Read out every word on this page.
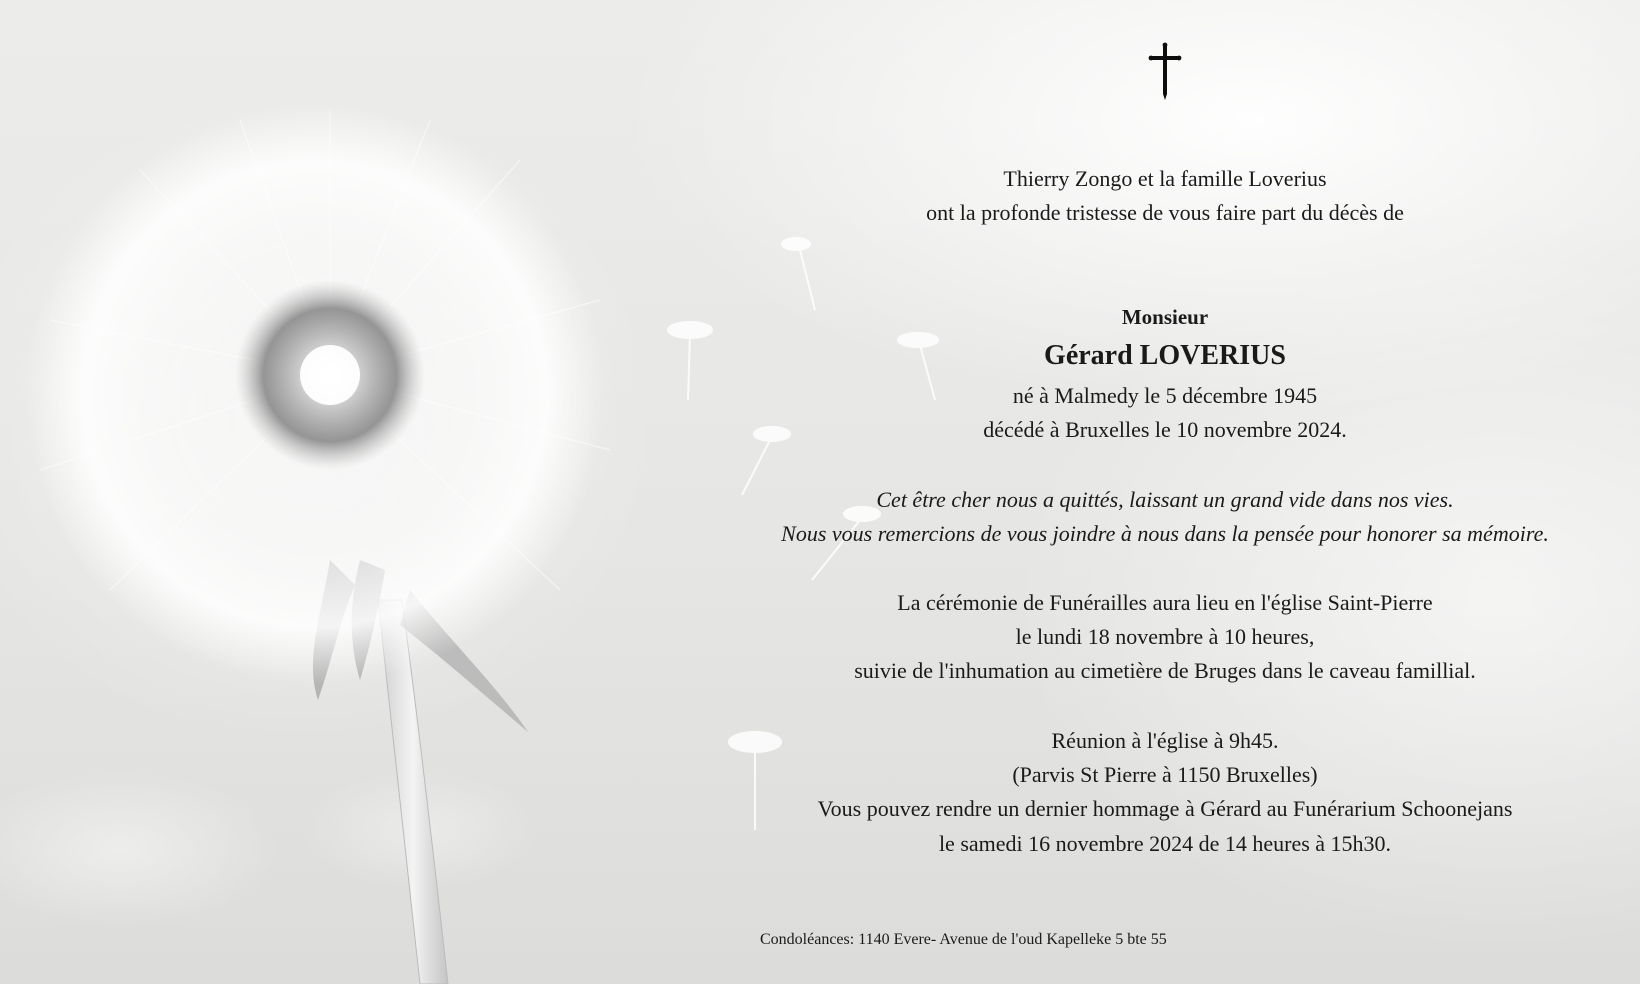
Thierry Zongo et la famille Loverius
ont la profonde tristesse de vous faire part du décès de
Monsieur
Gérard LOVERIUS
né à Malmedy le 5 décembre 1945
décédé à Bruxelles le 10 novembre 2024.
Cet être cher nous a quittés, laissant un grand vide dans nos vies.
Nous vous remercions de vous joindre à nous dans la pensée pour honorer sa mémoire.
La cérémonie de Funérailles aura lieu en l'église Saint-Pierre
le lundi 18 novembre à 10 heures,
suivie de l'inhumation au cimetière de Bruges dans le caveau famillial.
Réunion à l'église à 9h45.
(Parvis St Pierre à 1150 Bruxelles)
Vous pouvez rendre un dernier hommage à Gérard au Funérarium Schoonejans
le samedi 16 novembre 2024 de 14 heures à 15h30.
Condoléances: 1140 Evere- Avenue de l'oud Kapelleke 5 bte 55
